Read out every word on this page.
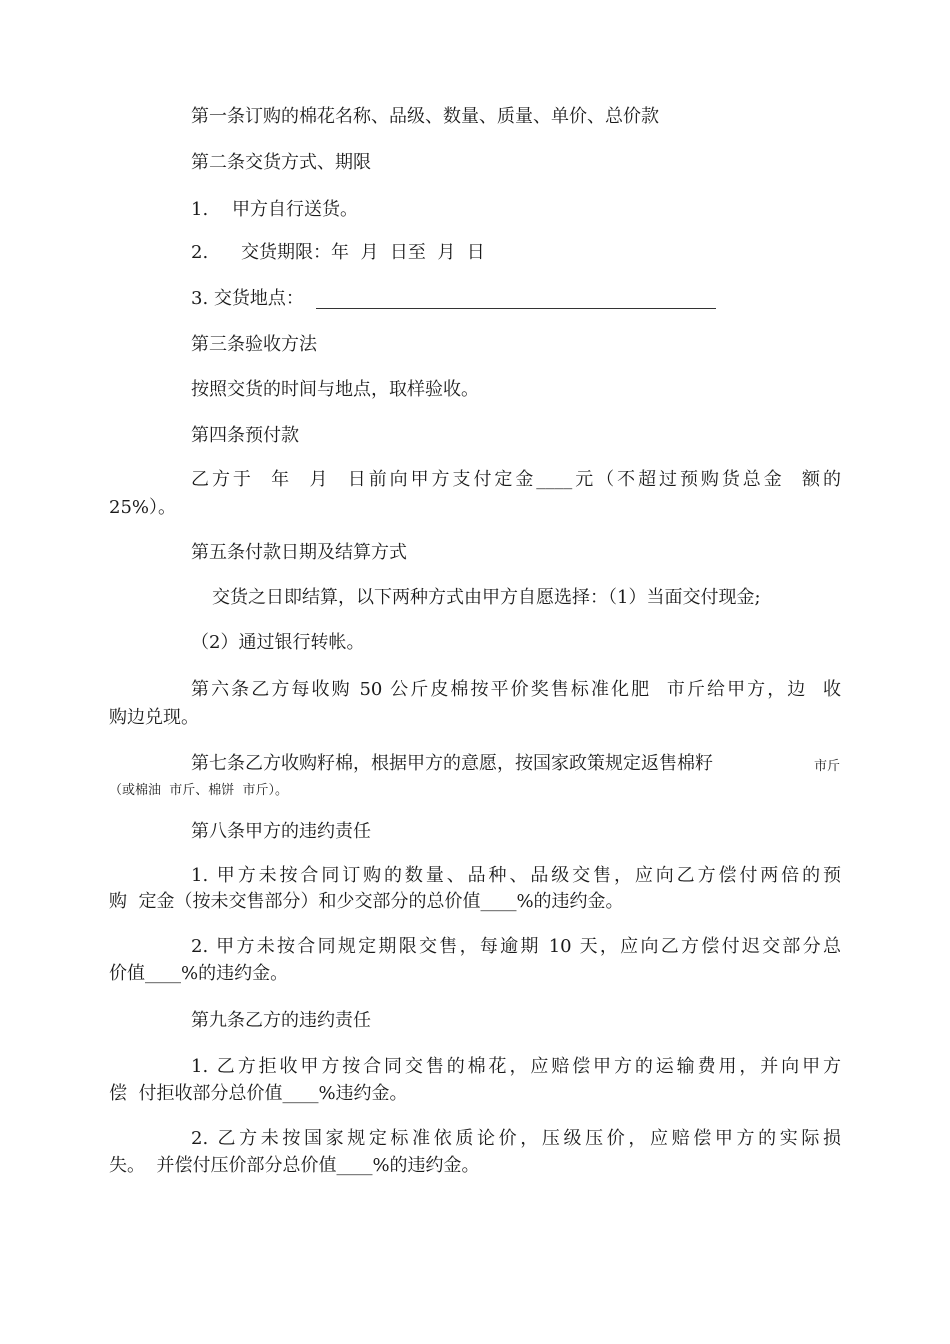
第一条订购的棉花名称、品级、数量、质量、单价、总价款

第二条交货方式、期限

1. 甲方自行送货。

2. 交货期限：年  月  日至  月  日

3. 交货地点：

第三条验收方法

按照交货的时间与地点，取样验收。

第四条预付款

乙方于  年  月  日前向甲方支付定金____元（不超过预购货总金  额的

25%）。

第五条付款日期及结算方式

交货之日即结算，以下两种方式由甲方自愿选择：（1）当面交付现金;

（2）通过银行转帐。

第六条乙方每收购 50 公斤皮棉按平价奖售标准化肥  市斤给甲方，边  收

购边兑现。

第七条乙方收购籽棉，根据甲方的意愿，按国家政策规定返售棉籽	市斤

（或棉油  市斤、棉饼  市斤）。

第八条甲方的违约责任

1. 甲方未按合同订购的数量、品种、品级交售，应向乙方偿付两倍的预

购  定金（按未交售部分）和少交部分的总价值____%的违约金。

2. 甲方未按合同规定期限交售，每逾期 10 天，应向乙方偿付迟交部分总

价值____%的违约金。

第九条乙方的违约责任

1. 乙方拒收甲方按合同交售的棉花，应赔偿甲方的运输费用，并向甲方

偿  付拒收部分总价值____%违约金。

2. 乙方未按国家规定标准依质论价，压级压价，应赔偿甲方的实际损

失。  并偿付压价部分总价值____%的违约金。
